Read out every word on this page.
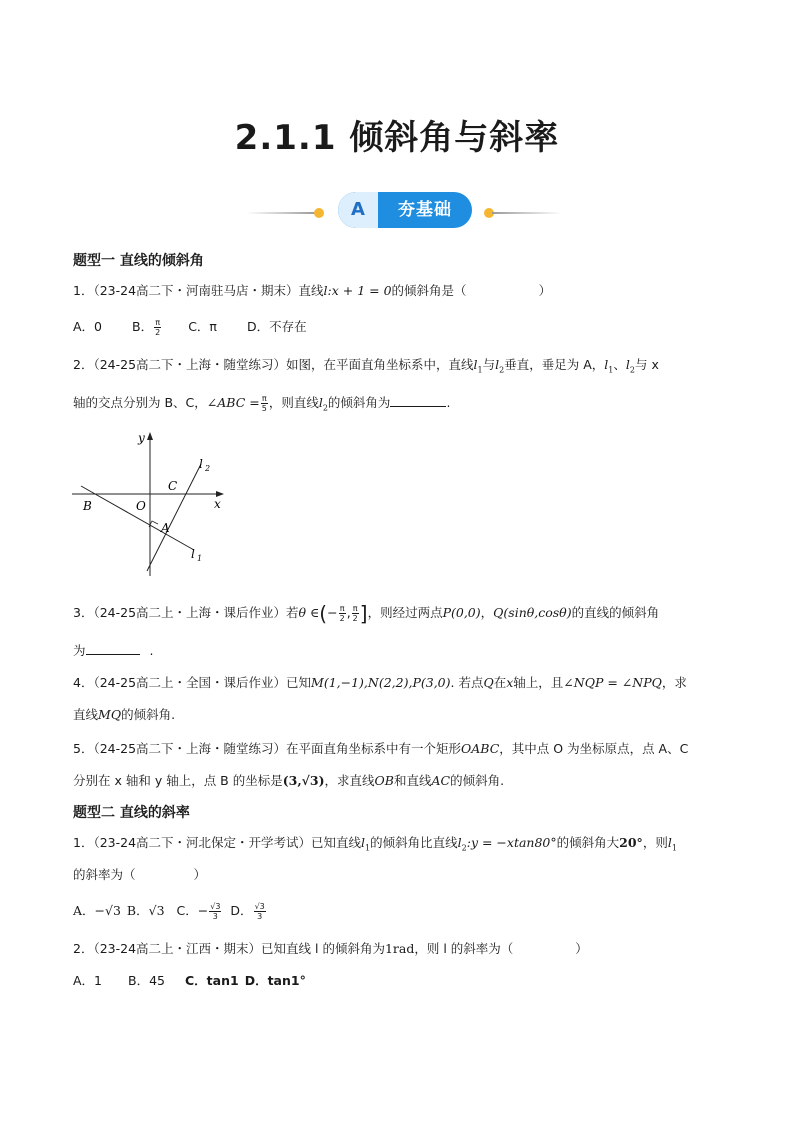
2.1.1 倾斜角与斜率
A	夯基础
题型一 直线的倾斜角
1．（23-24高二下・河南驻马店・期末）直线l:x + 1 = 0的倾斜角是（	）
A．0 B． $\frac{\pi}{2}$ C．π D．不存在
2．（24-25高二下・上海・随堂练习）如图，在平面直角坐标系中，直线$l_1$与$l_2$垂直，垂足为 A，$l_1$、$l_2$与 x
轴的交点分别为 B、C，∠ABC = $\frac{\pi}{5}$ ，则直线$l_2$的倾斜角为	.
y
x
O
B
C
A
l 2
l 1
3．（24-25高二上・上海・课后作业）若θ ∈(− $\frac{\pi}{2}$ , $\frac{\pi}{2}$ ]，则经过两点P(0,0)，Q(sinθ,cosθ)的直线的倾斜角
为	.
4．（24-25高二上・全国・课后作业）已知M(1,−1),N(2,2),P(3,0). 若点Q在x轴上，且∠NQP = ∠NPQ，求
直线MQ的倾斜角.
5．（24-25高二下・上海・随堂练习）在平面直角坐标系中有一个矩形OABC，其中点 O 为坐标原点，点 A、C
分别在 x 轴和 y 轴上，点 B 的坐标是(3,√3)，求直线OB和直线AC的倾斜角.
题型二 直线的斜率
1．（23-24高二下・河北保定・开学考试）已知直线$l_1$的倾斜角比直线$l_2:y = -xtan80^\circ$的倾斜角大20°，则$l_1$
的斜率为（	）
A．−√3 B．√3 C．− $\frac{√3}{3}$ D． $\frac{√3}{3}$
2．（23-24高二上・江西・期末）已知直线 l 的倾斜角为1rad，则 l 的斜率为（	）
A．1 B．45 C．tan1 D．tan1°
